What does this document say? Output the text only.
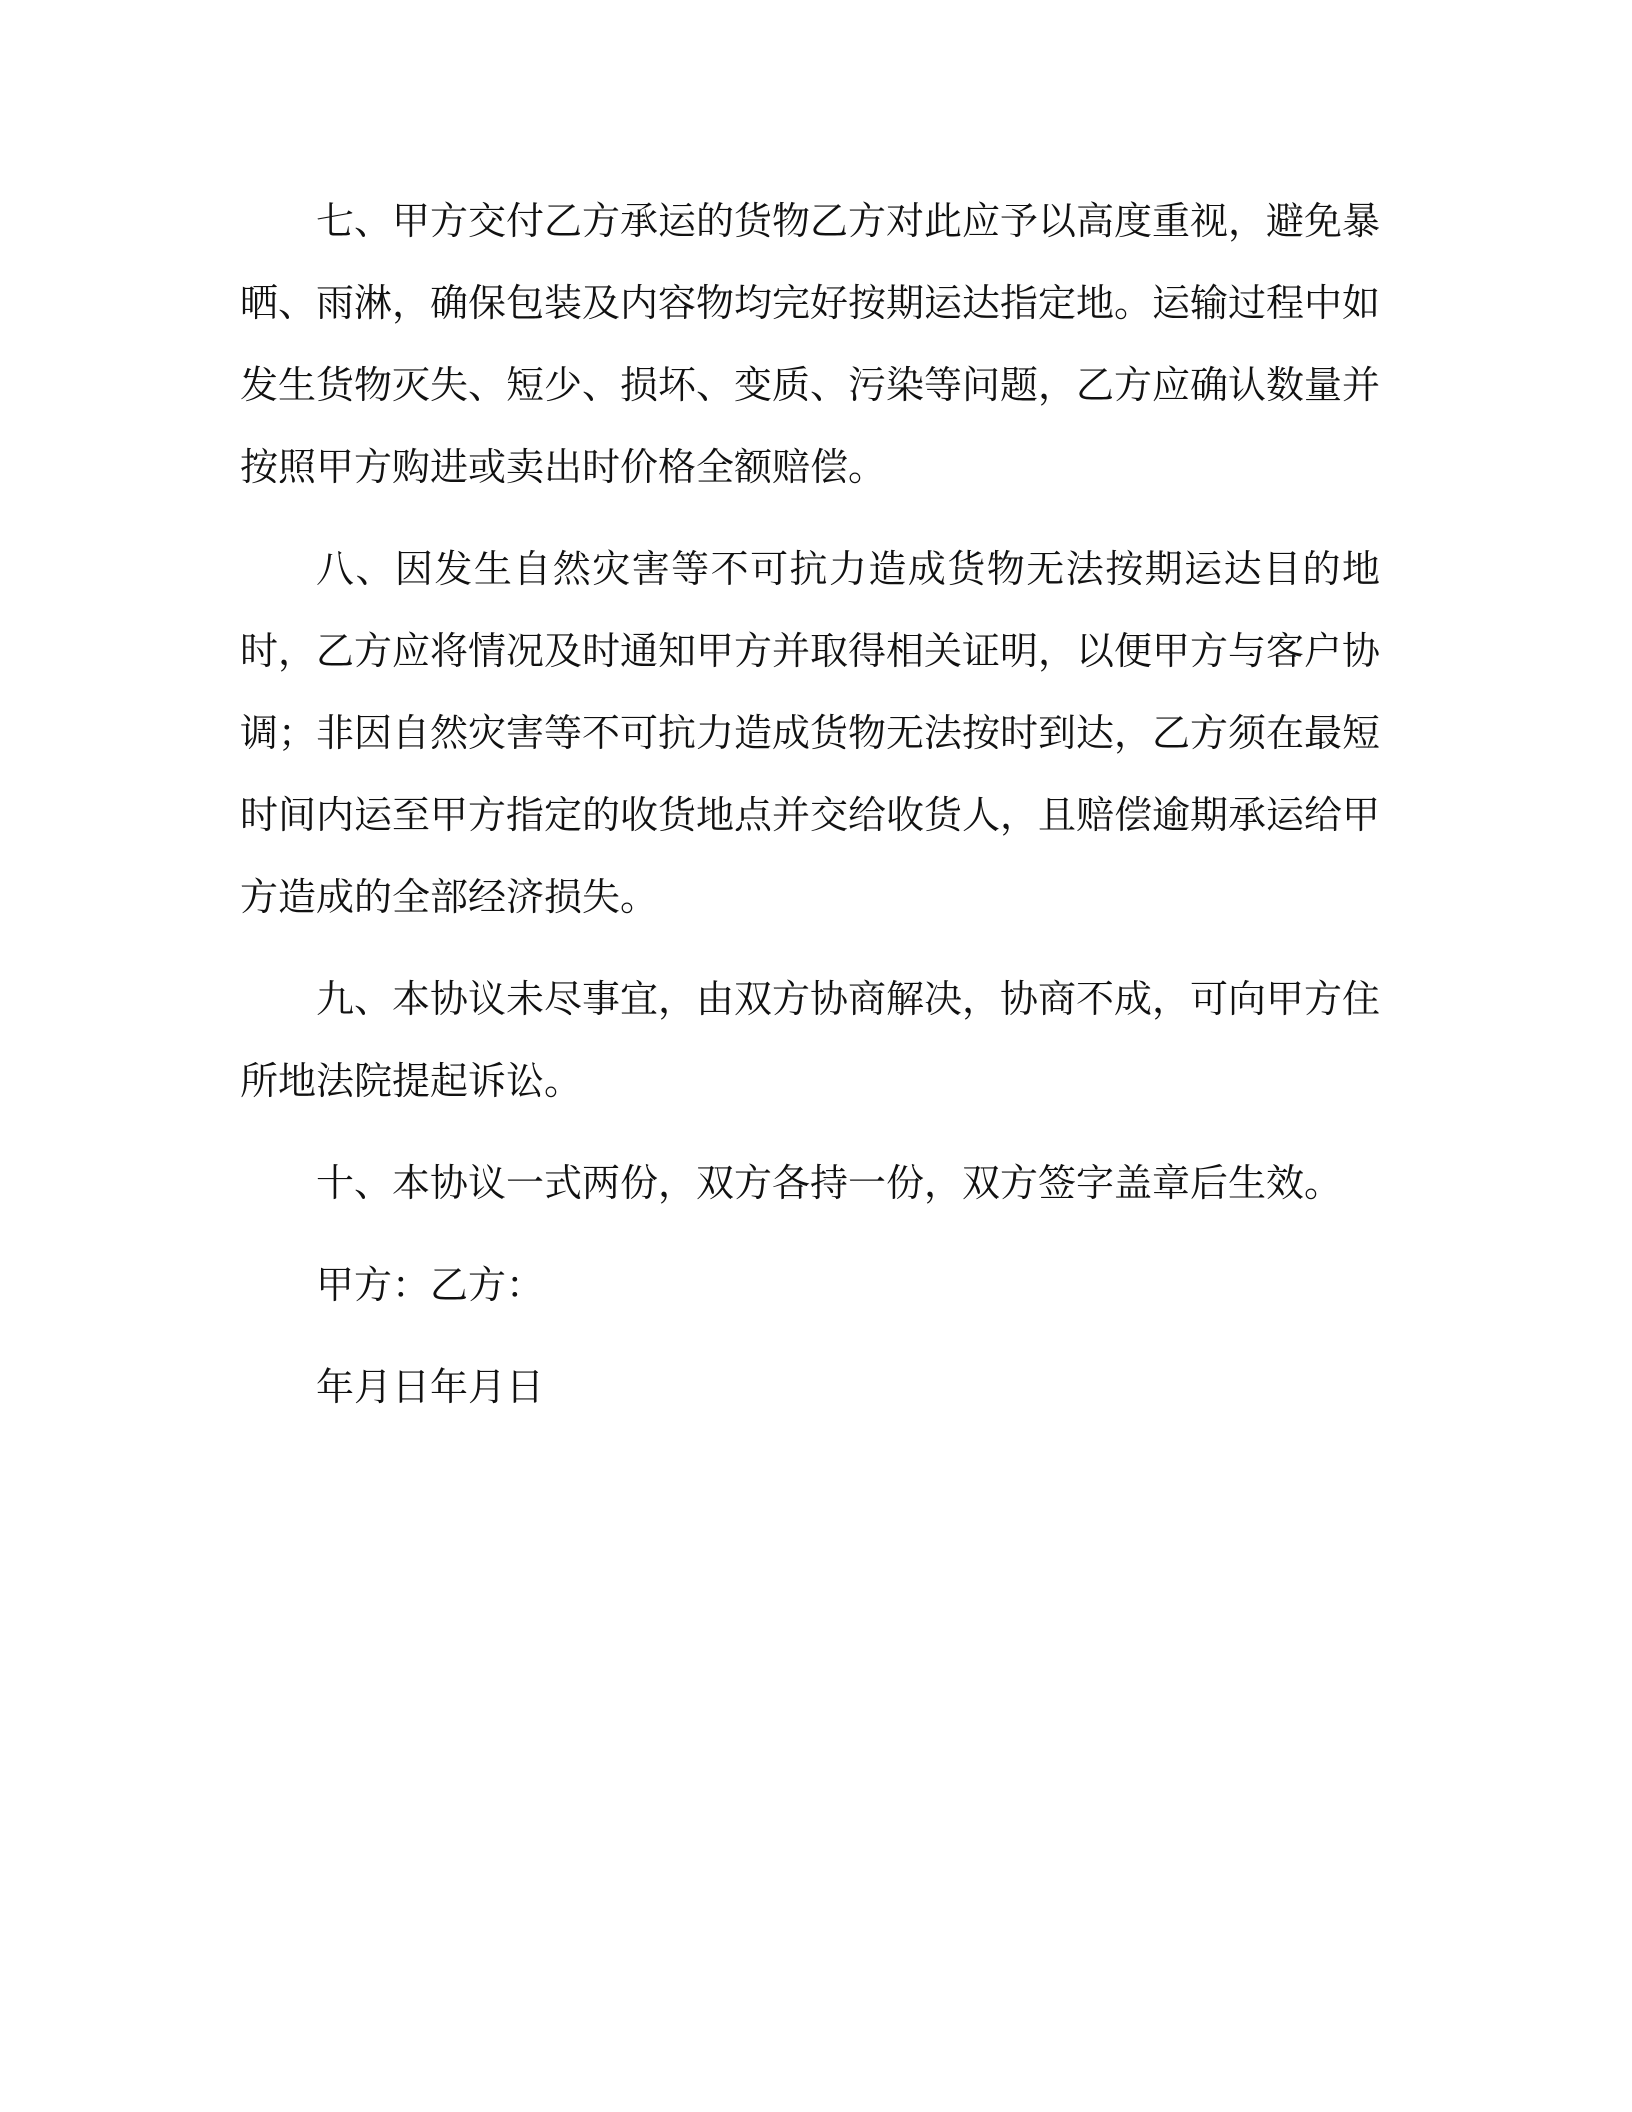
七、甲方交付乙方承运的货物乙方对此应予以高度重视，避免暴晒、雨淋，确保包装及内容物均完好按期运达指定地。运输过程中如发生货物灭失、短少、损坏、变质、污染等问题，乙方应确认数量并按照甲方购进或卖出时价格全额赔偿。

八、因发生自然灾害等不可抗力造成货物无法按期运达目的地时，乙方应将情况及时通知甲方并取得相关证明，以便甲方与客户协调；非因自然灾害等不可抗力造成货物无法按时到达，乙方须在最短时间内运至甲方指定的收货地点并交给收货人，且赔偿逾期承运给甲方造成的全部经济损失。

九、本协议未尽事宜，由双方协商解决，协商不成，可向甲方住所地法院提起诉讼。

十、本协议一式两份，双方各持一份，双方签字盖章后生效。

甲方：乙方：

年月日年月日
